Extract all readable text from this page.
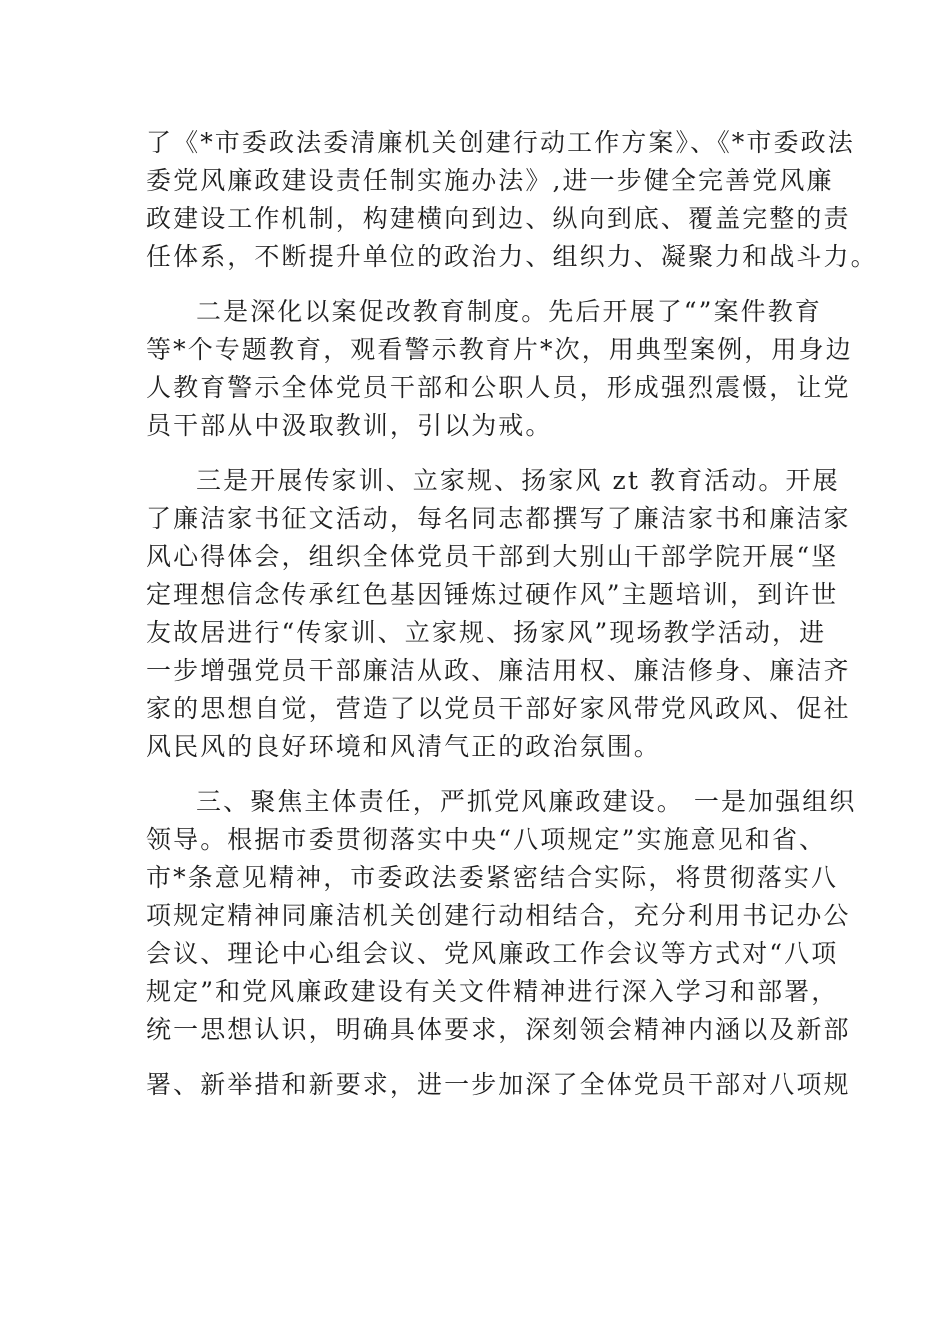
了《*市委政法委清廉机关创建行动工作方案》、《*市委政法
委党风廉政建设责任制实施办法》,进一步健全完善党风廉
政建设工作机制，构建横向到边、纵向到底、覆盖完整的责
任体系，不断提升单位的政治力、组织力、凝聚力和战斗力。
二是深化以案促改教育制度。先后开展了“”案件教育
等*个专题教育，观看警示教育片*次，用典型案例，用身边
人教育警示全体党员干部和公职人员，形成强烈震慑，让党
员干部从中汲取教训，引以为戒。
三是开展传家训、立家规、扬家风 zt 教育活动。开展
了廉洁家书征文活动，每名同志都撰写了廉洁家书和廉洁家
风心得体会，组织全体党员干部到大别山干部学院开展“坚
定理想信念传承红色基因锤炼过硬作风”主题培训，到许世
友故居进行“传家训、立家规、扬家风”现场教学活动，进
一步增强党员干部廉洁从政、廉洁用权、廉洁修身、廉洁齐
家的思想自觉，营造了以党员干部好家风带党风政风、促社
风民风的良好环境和风清气正的政治氛围。
三、聚焦主体责任，严抓党风廉政建设。 一是加强组织
领导。根据市委贯彻落实中央“八项规定”实施意见和省、
市*条意见精神，市委政法委紧密结合实际，将贯彻落实八
项规定精神同廉洁机关创建行动相结合，充分利用书记办公
会议、理论中心组会议、党风廉政工作会议等方式对“八项
规定”和党风廉政建设有关文件精神进行深入学习和部署，
统一思想认识，明确具体要求，深刻领会精神内涵以及新部
署、新举措和新要求，进一步加深了全体党员干部对八项规
